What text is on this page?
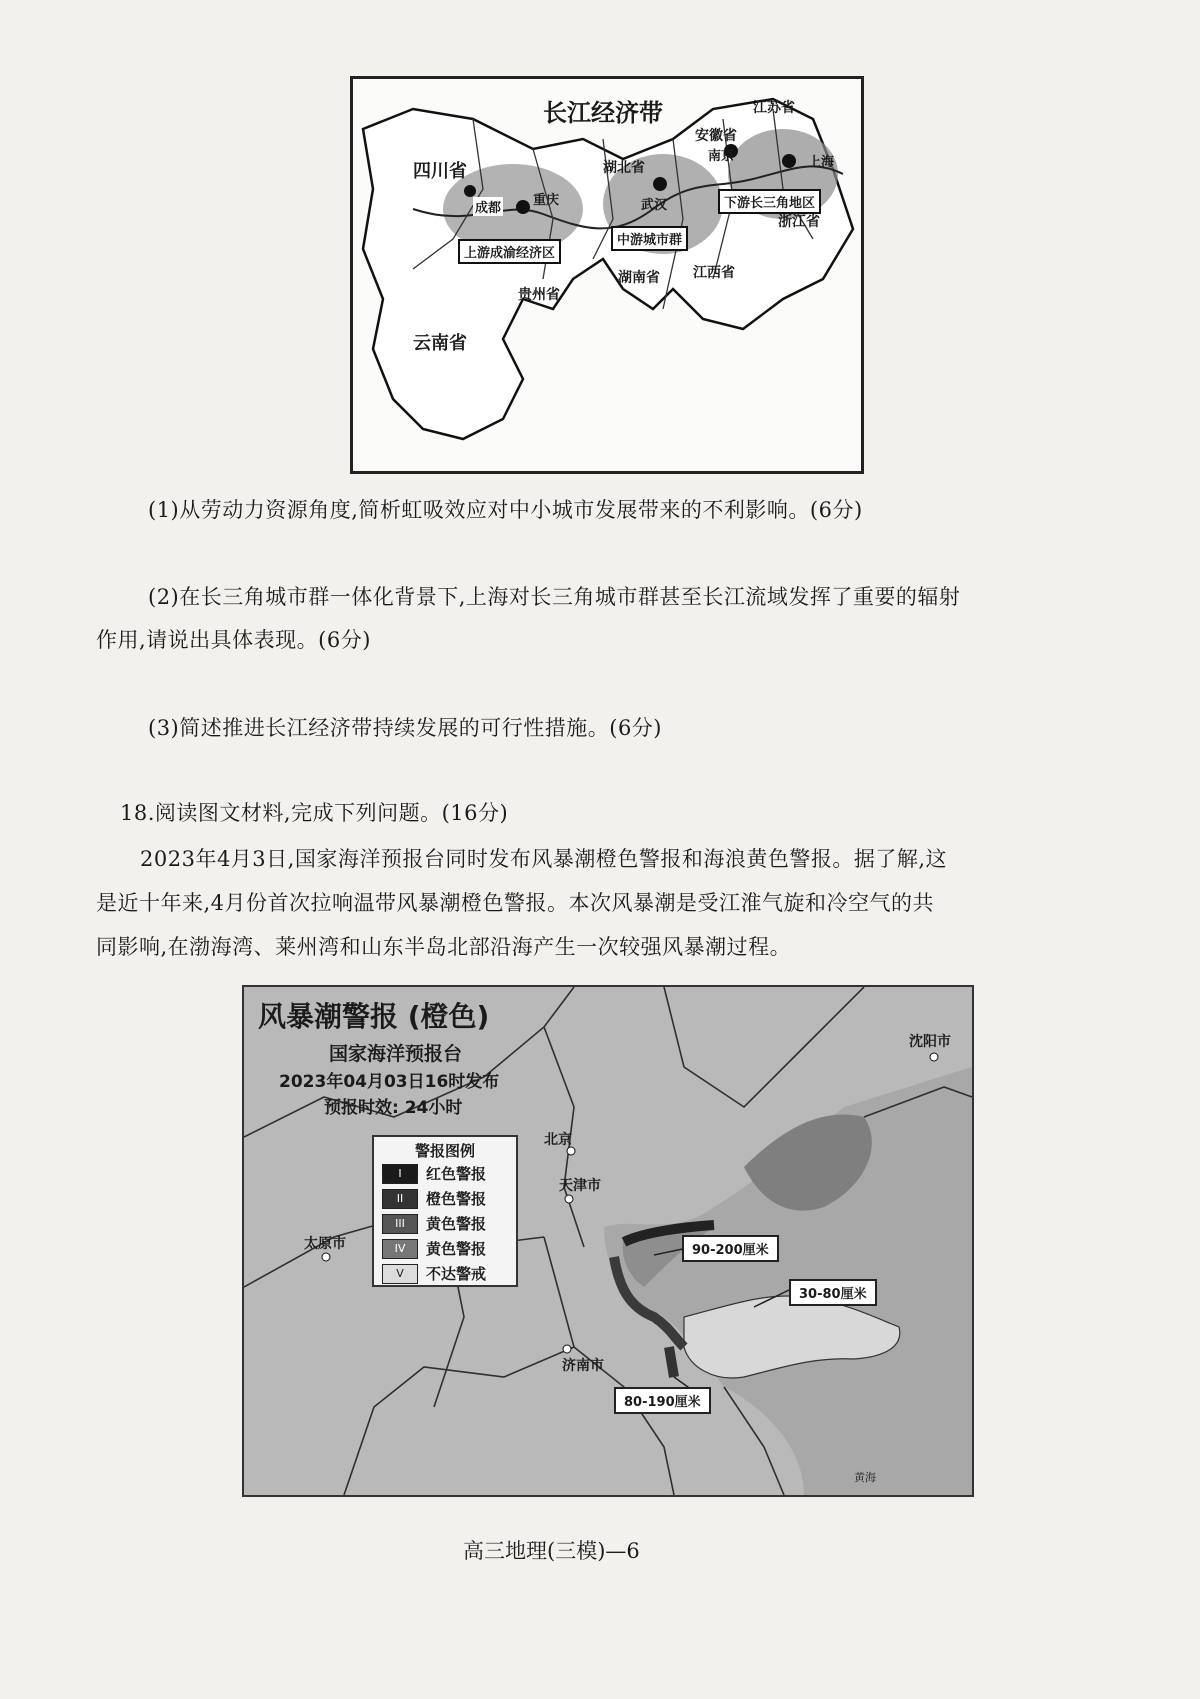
长江经济带
四川省
云南省
贵州省
湖北省
湖南省 江西省
安徽省
江苏省
浙江省
成都
重庆	武汉
南京	上海
上游成渝经济区
中游城市群
下游长三角地区

(1)从劳动力资源角度,简析虹吸效应对中小城市发展带来的不利影响。(6分)

(2)在长三角城市群一体化背景下,上海对长三角城市群甚至长江流域发挥了重要的辐射

作用,请说出具体表现。(6分)

(3)简述推进长江经济带持续发展的可行性措施。(6分)

18.阅读图文材料,完成下列问题。(16分)

2023年4月3日,国家海洋预报台同时发布风暴潮橙色警报和海浪黄色警报。据了解,这

是近十年来,4月份首次拉响温带风暴潮橙色警报。本次风暴潮是受江淮气旋和冷空气的共

同影响,在渤海湾、莱州湾和山东半岛北部沿海产生一次较强风暴潮过程。

风暴潮警报 (橙色)
国家海洋预报台
2023年04月03日16时发布
预报时效: 24小时
北京
天津市
太原市
济南市
沈阳市
黄海
90-200厘米
30-80厘米
80-190厘米
警报图例
I	红色警报
II	橙色警报
III	黄色警报
IV	黄色警报
V	不达警戒
高三地理(三模)—6
